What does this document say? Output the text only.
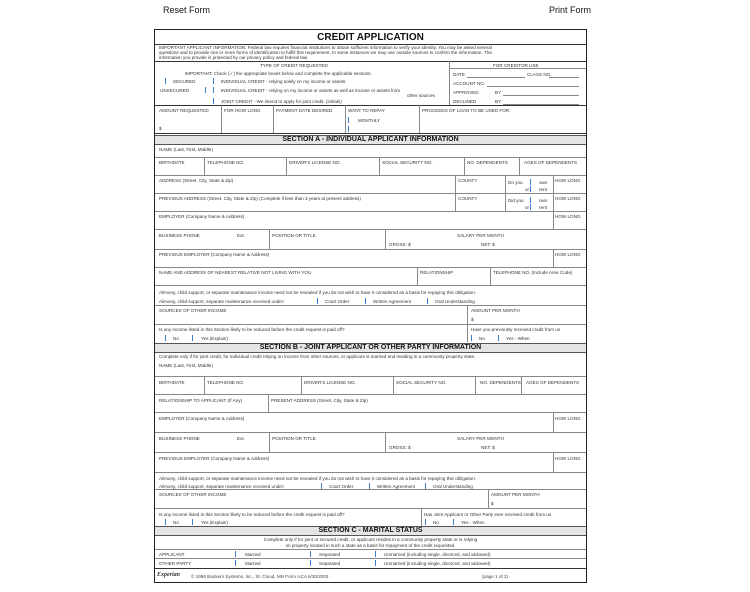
Reset Form	Print Form
CREDIT APPLICATION
IMPORTANT APPLICANT INFORMATION: Federal law requires financial institutions to obtain sufficient information to verify your identity. You may be asked several
questions and to provide one or more forms of identification to fulfill this requirement. In some instances we may use outside sources to confirm the information. The
information you provide is protected by our privacy policy and federal law.
TYPE OF CREDIT REQUESTED
IMPORTANT: Check (✓) the appropriate boxes below and complete the applicable sections.
SECURED	INDIVIDUAL CREDIT - relying solely on my income or assets
UNSECURED	INDIVIDUAL CREDIT - relying on my income or assets as well as income or assets from
other sources
JOINT CREDIT - We intend to apply for joint credit. (initials)
FOR CREDITOR USE
DATE	CLASS NO.
ACCOUNT NO.
APPROVED	BY
DECLINED	BY
AMOUNT REQUESTED
$
FOR HOW LONG	PAYMENT DATE DESIRED	WANT TO REPAY
MONTHLY
PROCEEDS OF LOAN TO BE USED FOR:
SECTION A - INDIVIDUAL APPLICANT INFORMATION
NAME (Last, First, Middle)
BIRTHDATE	TELEPHONE NO.	DRIVER'S LICENSE NO.	SOCIAL SECURITY NO.	NO. DEPENDENTS	AGES OF DEPENDENTS
ADDRESS (Street, City, State & Zip)	COUNTY	Do you	own
or rent
HOW LONG
PREVIOUS ADDRESS (Street, City, State & Zip) (Complete if less than 3 years at present address)	COUNTY	Did you	own
or rent
HOW LONG
EMPLOYER (Company Name & Address)	HOW LONG
BUSINESS PHONE	Ext.	POSITION OR TITLE	SALARY PER MONTH
GROSS: $	NET: $
PREVIOUS EMPLOYER (Company Name & Address)	HOW LONG
NAME AND ADDRESS OF NEAREST RELATIVE NOT LIVING WITH YOU	RELATIONSHIP	TELEPHONE NO. (Include Area Code)
Alimony, child support, or separate maintenance income need not be revealed if you do not wish to have it considered as a basis for repaying this obligation.
Alimony, child support, separate maintenance received under:	Court Order	Written Agreement	Oral Understanding
SOURCES OF OTHER INCOME	AMOUNT PER MONTH
$
Is any income listed in this Section likely to be reduced before the credit request is paid off?
No	Yes (Explain)
Have you previously received credit from us
No	Yes - When
SECTION B - JOINT APPLICANT OR OTHER PARTY INFORMATION
Complete only if for joint credit, for individual credit relying on income from other sources, or applicant is married and residing in a community property state.
NAME (Last, First, Middle)
BIRTHDATE	TELEPHONE NO.	DRIVER'S LICENSE NO.	SOCIAL SECURITY NO.	NO. DEPENDENTS AGES OF DEPENDENTS
RELATIONSHIP TO APPLICANT (If Any)	PRESENT ADDRESS (Street, City, State & Zip)
EMPLOYER (Company Name & Address)	HOW LONG
BUSINESS PHONE	Ext.	POSITION OR TITLE	SALARY PER MONTH
GROSS: $	NET: $
PREVIOUS EMPLOYER (Company Name & Address)	HOW LONG
Alimony, child support, or separate maintenance income need not be revealed if you do not wish to have it considered as a basis for repaying this obligation.
Alimony, child support, separate maintenance received under:	Court Order	Written Agreement	Oral Understanding
SOURCES OF OTHER INCOME	AMOUNT PER MONTH
$
Is any income listed in this Section likely to be reduced before the credit request is paid off?
No	Yes (Explain)
Has Joint Applicant or Other Party ever received credit from us
No	Yes - When
SECTION C - MARITAL STATUS
Complete only if for joint or secured credit, or applicant resides in a community property state or is relying
on property located in such a state as a basis for repayment of the credit requested.
APPLICANT	Married	Separated	Unmarried (including single, divorced, and widowed)
OTHER PARTY	Married	Separated	Unmarried (including single, divorced, and widowed)
Experian © 1996 Bankers Systems, Inc., St. Cloud, MN Form UCA 6/30/2003	(page 1 of 2)
